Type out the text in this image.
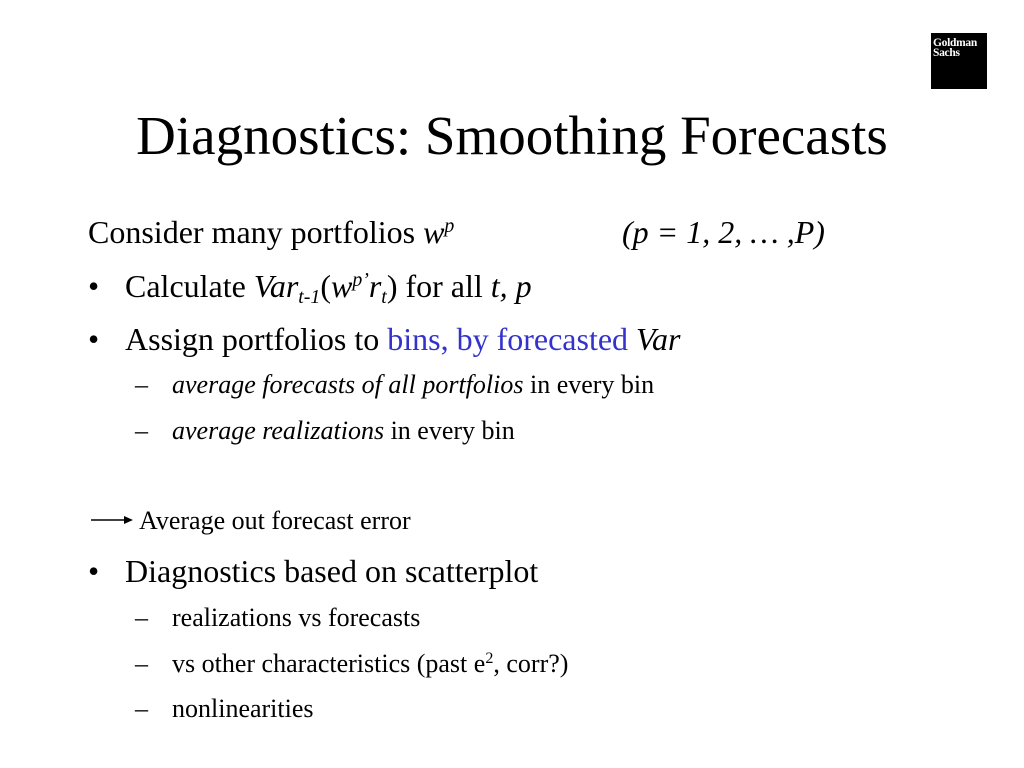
Goldman
Sachs
Diagnostics: Smoothing Forecasts
Consider many portfolios $w^p$	(p = 1, 2, … ,P)
• Calculate $Var_{t-1}(w^{p’}r_t)$ for all t, p
• Assign portfolios to bins, by forecasted Var
– average forecasts of all portfolios in every bin
– average realizations in every bin
Average out forecast error
• Diagnostics based on scatterplot
– realizations vs forecasts
– vs other characteristics (past $e^2$, corr?)
– nonlinearities
